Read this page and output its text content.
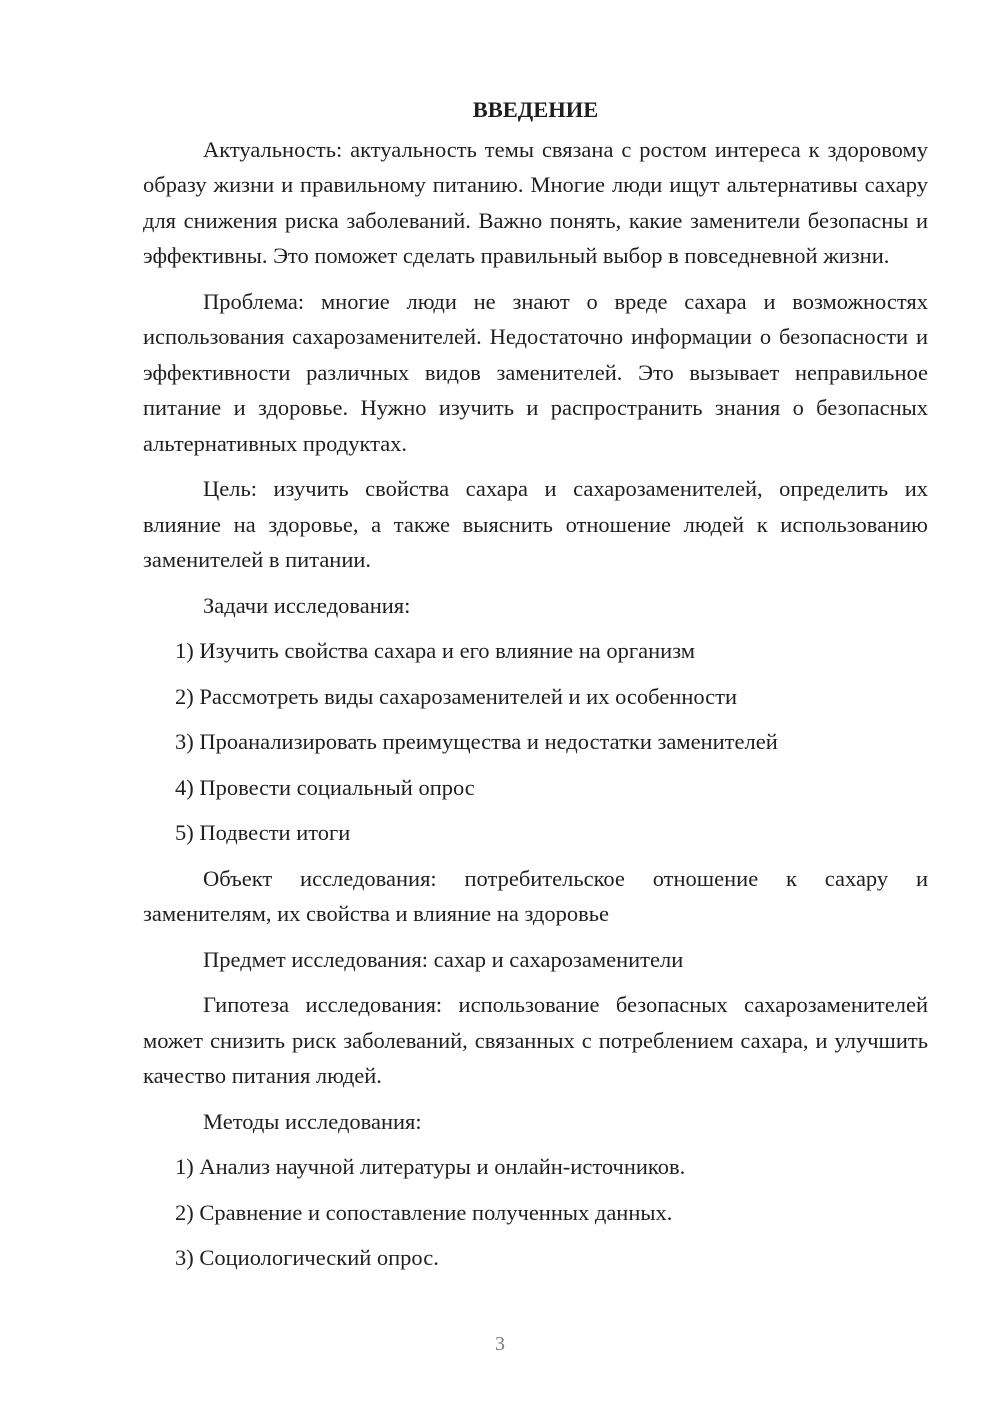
ВВЕДЕНИЕ

Актуальность: актуальность темы связана с ростом интереса к здоровому образу жизни и правильному питанию. Многие люди ищут альтернативы сахару для снижения риска заболеваний. Важно понять, какие заменители безопасны и эффективны. Это поможет сделать правильный выбор в повседневной жизни.

Проблема: многие люди не знают о вреде сахара и возможностях использования сахарозаменителей. Недостаточно информации о безопасности и эффективности различных видов заменителей. Это вызывает неправильное питание и здоровье. Нужно изучить и распространить знания о безопасных альтернативных продуктах.

Цель: изучить свойства сахара и сахарозаменителей, определить их влияние на здоровье, а также выяснить отношение людей к использованию заменителей в питании.

Задачи исследования:

1) Изучить свойства сахара и его влияние на организм
2) Рассмотреть виды сахарозаменителей и их особенности
3) Проанализировать преимущества и недостатки заменителей
4) Провести социальный опрос
5) Подвести итоги

Объект исследования: потребительское отношение к сахару и заменителям, их свойства и влияние на здоровье

Предмет исследования: сахар и сахарозаменители

Гипотеза исследования: использование безопасных сахарозаменителей может снизить риск заболеваний, связанных с потреблением сахара, и улучшить качество питания людей.

Методы исследования:

1) Анализ научной литературы и онлайн-источников.
2) Сравнение и сопоставление полученных данных.
3) Социологический опрос.
3
